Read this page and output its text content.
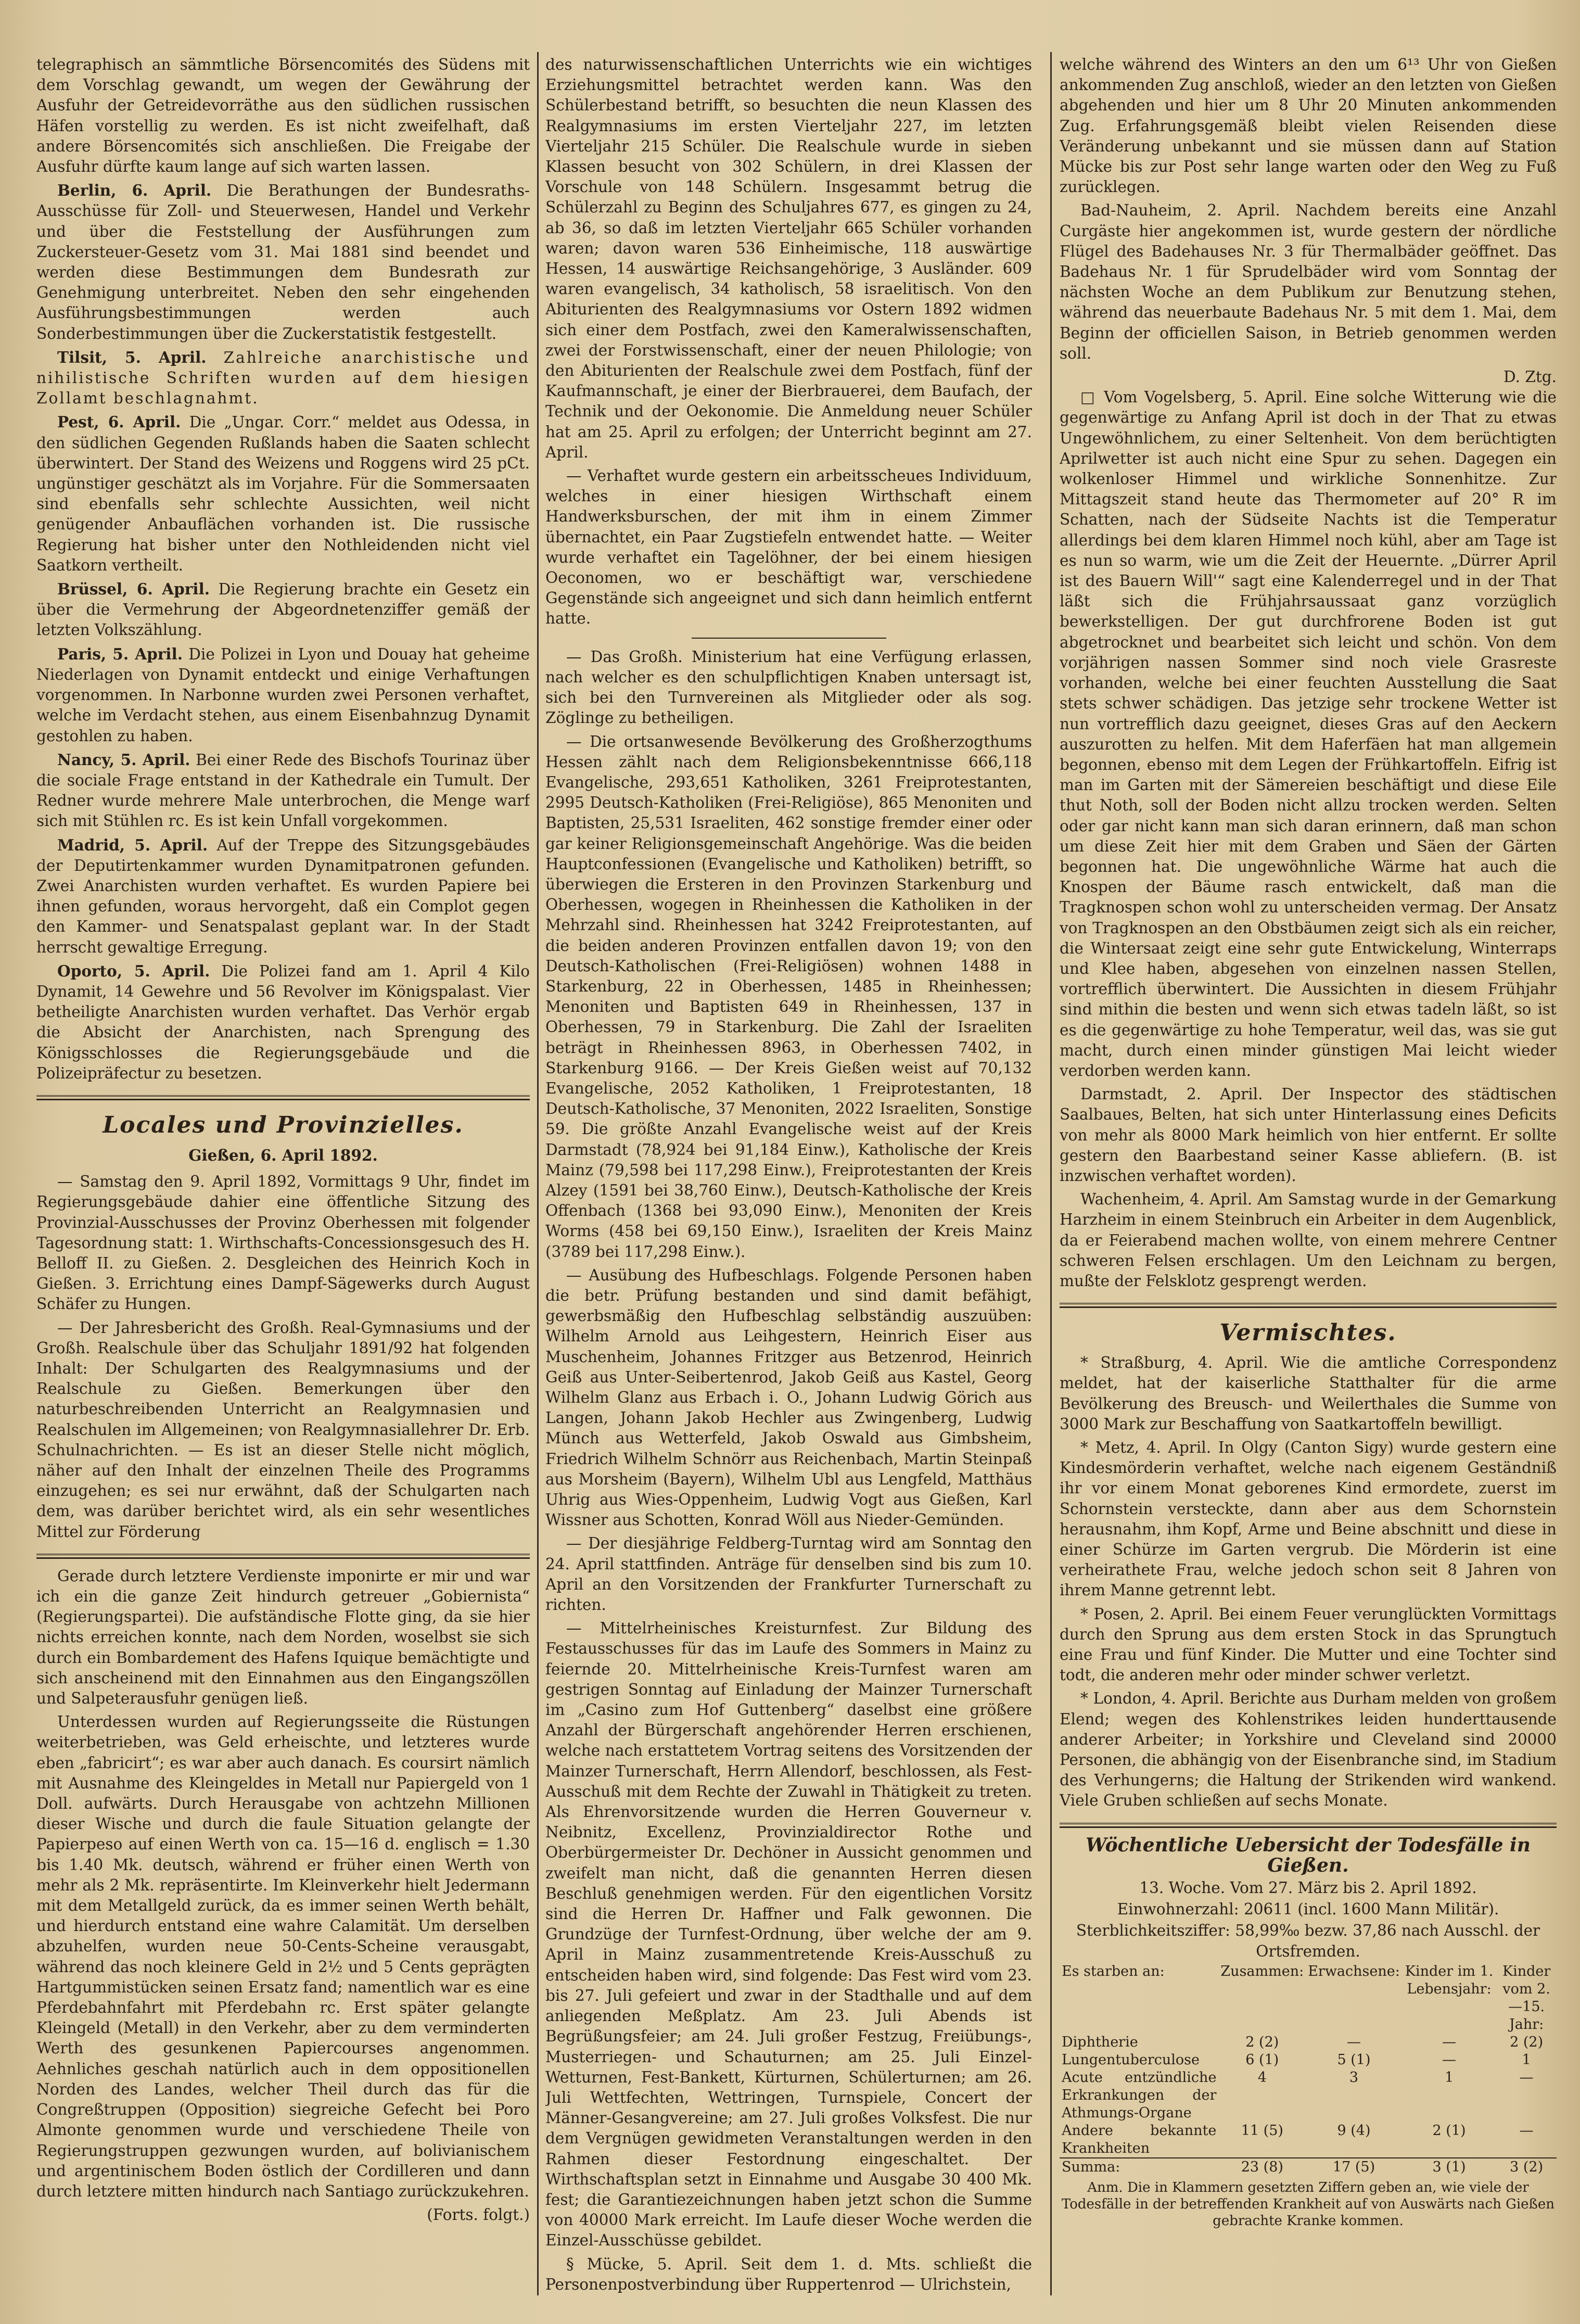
telegraphisch an sämmtliche Börsencomités des Südens mit dem Vorschlag gewandt, um wegen der Gewährung der Ausfuhr der Getreidevorräthe aus den südlichen russischen Häfen vorstellig zu werden. Es ist nicht zweifelhaft, daß andere Börsencomités sich anschließen. Die Freigabe der Ausfuhr dürfte kaum lange auf sich warten lassen.

Berlin, 6. April. Die Berathungen der Bundesraths-Ausschüsse für Zoll- und Steuerwesen, Handel und Verkehr und über die Feststellung der Ausführungen zum Zuckersteuer-Gesetz vom 31. Mai 1881 sind beendet und werden diese Bestimmungen dem Bundesrath zur Genehmigung unterbreitet. Neben den sehr eingehenden Ausführungsbestimmungen werden auch Sonderbestimmungen über die Zuckerstatistik festgestellt.

Tilsit, 5. April. Zahlreiche anarchistische und nihilistische Schriften wurden auf dem hiesigen Zollamt beschlagnahmt.

Pest, 6. April. Die „Ungar. Corr.“ meldet aus Odessa, in den südlichen Gegenden Rußlands haben die Saaten schlecht überwintert. Der Stand des Weizens und Roggens wird 25 pCt. ungünstiger geschätzt als im Vorjahre. Für die Sommersaaten sind ebenfalls sehr schlechte Aussichten, weil nicht genügender Anbauflächen vorhanden ist. Die russische Regierung hat bisher unter den Nothleidenden nicht viel Saatkorn vertheilt.

Brüssel, 6. April. Die Regierung brachte ein Gesetz ein über die Vermehrung der Abgeordnetenziffer gemäß der letzten Volkszählung.

Paris, 5. April. Die Polizei in Lyon und Douay hat geheime Niederlagen von Dynamit entdeckt und einige Verhaftungen vorgenommen. In Narbonne wurden zwei Personen verhaftet, welche im Verdacht stehen, aus einem Eisenbahnzug Dynamit gestohlen zu haben.

Nancy, 5. April. Bei einer Rede des Bischofs Tourinaz über die sociale Frage entstand in der Kathedrale ein Tumult. Der Redner wurde mehrere Male unterbrochen, die Menge warf sich mit Stühlen rc. Es ist kein Unfall vorgekommen.

Madrid, 5. April. Auf der Treppe des Sitzungsgebäudes der Deputirtenkammer wurden Dynamitpatronen gefunden. Zwei Anarchisten wurden verhaftet. Es wurden Papiere bei ihnen gefunden, woraus hervorgeht, daß ein Complot gegen den Kammer- und Senatspalast geplant war. In der Stadt herrscht gewaltige Erregung.

Oporto, 5. April. Die Polizei fand am 1. April 4 Kilo Dynamit, 14 Gewehre und 56 Revolver im Königspalast. Vier betheiligte Anarchisten wurden verhaftet. Das Verhör ergab die Absicht der Anarchisten, nach Sprengung des Königsschlosses die Regierungsgebäude und die Polizeipräfectur zu besetzen.

Locales und Provinzielles.
Gießen, 6. April 1892.

— Samstag den 9. April 1892, Vormittags 9 Uhr, findet im Regierungsgebäude dahier eine öffentliche Sitzung des Provinzial-Ausschusses der Provinz Oberhessen mit folgender Tagesordnung statt: 1. Wirthschafts-Concessionsgesuch des H. Belloff II. zu Gießen. 2. Desgleichen des Heinrich Koch in Gießen. 3. Errichtung eines Dampf-Sägewerks durch August Schäfer zu Hungen.

— Der Jahresbericht des Großh. Real-Gymnasiums und der Großh. Realschule über das Schuljahr 1891/92 hat folgenden Inhalt: Der Schulgarten des Realgymnasiums und der Realschule zu Gießen. Bemerkungen über den naturbeschreibenden Unterricht an Realgymnasien und Realschulen im Allgemeinen; von Realgymnasiallehrer Dr. Erb. Schulnachrichten. — Es ist an dieser Stelle nicht möglich, näher auf den Inhalt der einzelnen Theile des Programms einzugehen; es sei nur erwähnt, daß der Schulgarten nach dem, was darüber berichtet wird, als ein sehr wesentliches Mittel zur Förderung

Gerade durch letztere Verdienste imponirte er mir und war ich ein die ganze Zeit hindurch getreuer „Gobiernista“ (Regierungspartei). Die aufständische Flotte ging, da sie hier nichts erreichen konnte, nach dem Norden, woselbst sie sich durch ein Bombardement des Hafens Iquique bemächtigte und sich anscheinend mit den Einnahmen aus den Eingangszöllen und Salpeterausfuhr genügen ließ.

Unterdessen wurden auf Regierungsseite die Rüstungen weiterbetrieben, was Geld erheischte, und letzteres wurde eben „fabricirt“; es war aber auch danach. Es coursirt nämlich mit Ausnahme des Kleingeldes in Metall nur Papiergeld von 1 Doll. aufwärts. Durch Herausgabe von achtzehn Millionen dieser Wische und durch die faule Situation gelangte der Papierpeso auf einen Werth von ca. 15—16 d. englisch = 1.30 bis 1.40 Mk. deutsch, während er früher einen Werth von mehr als 2 Mk. repräsentirte. Im Kleinverkehr hielt Jedermann mit dem Metallgeld zurück, da es immer seinen Werth behält, und hierdurch entstand eine wahre Calamität. Um derselben abzuhelfen, wurden neue 50-Cents-Scheine verausgabt, während das noch kleinere Geld in 2½ und 5 Cents geprägten Hartgummistücken seinen Ersatz fand; namentlich war es eine Pferdebahnfahrt mit Pferdebahn rc. Erst später gelangte Kleingeld (Metall) in den Verkehr, aber zu dem verminderten Werth des gesunkenen Papiercourses angenommen. Aehnliches geschah natürlich auch in dem oppositionellen Norden des Landes, welcher Theil durch das für die Congreßtruppen (Opposition) siegreiche Gefecht bei Poro Almonte genommen wurde und verschiedene Theile von Regierungstruppen gezwungen wurden, auf bolivianischem und argentinischem Boden östlich der Cordilleren und dann durch letztere mitten hindurch nach Santiago zurückzukehren.

(Forts. folgt.)

des naturwissenschaftlichen Unterrichts wie ein wichtiges Erziehungsmittel betrachtet werden kann. Was den Schülerbestand betrifft, so besuchten die neun Klassen des Realgymnasiums im ersten Vierteljahr 227, im letzten Vierteljahr 215 Schüler. Die Realschule wurde in sieben Klassen besucht von 302 Schülern, in drei Klassen der Vorschule von 148 Schülern. Insgesammt betrug die Schülerzahl zu Beginn des Schuljahres 677, es gingen zu 24, ab 36, so daß im letzten Vierteljahr 665 Schüler vorhanden waren; davon waren 536 Einheimische, 118 auswärtige Hessen, 14 auswärtige Reichsangehörige, 3 Ausländer. 609 waren evangelisch, 34 katholisch, 58 israelitisch. Von den Abiturienten des Realgymnasiums vor Ostern 1892 widmen sich einer dem Postfach, zwei den Kameralwissenschaften, zwei der Forstwissenschaft, einer der neuen Philologie; von den Abiturienten der Realschule zwei dem Postfach, fünf der Kaufmannschaft, je einer der Bierbrauerei, dem Baufach, der Technik und der Oekonomie. Die Anmeldung neuer Schüler hat am 25. April zu erfolgen; der Unterricht beginnt am 27. April.

— Verhaftet wurde gestern ein arbeitsscheues Individuum, welches in einer hiesigen Wirthschaft einem Handwerksburschen, der mit ihm in einem Zimmer übernachtet, ein Paar Zugstiefeln entwendet hatte. — Weiter wurde verhaftet ein Tagelöhner, der bei einem hiesigen Oeconomen, wo er beschäftigt war, verschiedene Gegenstände sich angeeignet und sich dann heimlich entfernt hatte.

— Das Großh. Ministerium hat eine Verfügung erlassen, nach welcher es den schulpflichtigen Knaben untersagt ist, sich bei den Turnvereinen als Mitglieder oder als sog. Zöglinge zu betheiligen.

— Die ortsanwesende Bevölkerung des Großherzogthums Hessen zählt nach dem Religionsbekenntnisse 666,118 Evangelische, 293,651 Katholiken, 3261 Freiprotestanten, 2995 Deutsch-Katholiken (Frei-Religiöse), 865 Menoniten und Baptisten, 25,531 Israeliten, 462 sonstige fremder einer oder gar keiner Religionsgemeinschaft Angehörige. Was die beiden Hauptconfessionen (Evangelische und Katholiken) betrifft, so überwiegen die Ersteren in den Provinzen Starkenburg und Oberhessen, wogegen in Rheinhessen die Katholiken in der Mehrzahl sind. Rheinhessen hat 3242 Freiprotestanten, auf die beiden anderen Provinzen entfallen davon 19; von den Deutsch-Katholischen (Frei-Religiösen) wohnen 1488 in Starkenburg, 22 in Oberhessen, 1485 in Rheinhessen; Menoniten und Baptisten 649 in Rheinhessen, 137 in Oberhessen, 79 in Starkenburg. Die Zahl der Israeliten beträgt in Rheinhessen 8963, in Oberhessen 7402, in Starkenburg 9166. — Der Kreis Gießen weist auf 70,132 Evangelische, 2052 Katholiken, 1 Freiprotestanten, 18 Deutsch-Katholische, 37 Menoniten, 2022 Israeliten, Sonstige 59. Die größte Anzahl Evangelische weist auf der Kreis Darmstadt (78,924 bei 91,184 Einw.), Katholische der Kreis Mainz (79,598 bei 117,298 Einw.), Freiprotestanten der Kreis Alzey (1591 bei 38,760 Einw.), Deutsch-Katholische der Kreis Offenbach (1368 bei 93,090 Einw.), Menoniten der Kreis Worms (458 bei 69,150 Einw.), Israeliten der Kreis Mainz (3789 bei 117,298 Einw.).

— Ausübung des Hufbeschlags. Folgende Personen haben die betr. Prüfung bestanden und sind damit befähigt, gewerbsmäßig den Hufbeschlag selbständig auszuüben: Wilhelm Arnold aus Leihgestern, Heinrich Eiser aus Muschenheim, Johannes Fritzger aus Betzenrod, Heinrich Geiß aus Unter-Seibertenrod, Jakob Geiß aus Kastel, Georg Wilhelm Glanz aus Erbach i. O., Johann Ludwig Görich aus Langen, Johann Jakob Hechler aus Zwingenberg, Ludwig Münch aus Wetterfeld, Jakob Oswald aus Gimbsheim, Friedrich Wilhelm Schnörr aus Reichenbach, Martin Steinpaß aus Morsheim (Bayern), Wilhelm Ubl aus Lengfeld, Matthäus Uhrig aus Wies-Oppenheim, Ludwig Vogt aus Gießen, Karl Wissner aus Schotten, Konrad Wöll aus Nieder-Gemünden.

— Der diesjährige Feldberg-Turntag wird am Sonntag den 24. April stattfinden. Anträge für denselben sind bis zum 10. April an den Vorsitzenden der Frankfurter Turnerschaft zu richten.

— Mittelrheinisches Kreisturnfest. Zur Bildung des Festausschusses für das im Laufe des Sommers in Mainz zu feiernde 20. Mittelrheinische Kreis-Turnfest waren am gestrigen Sonntag auf Einladung der Mainzer Turnerschaft im „Casino zum Hof Guttenberg“ daselbst eine größere Anzahl der Bürgerschaft angehörender Herren erschienen, welche nach erstattetem Vortrag seitens des Vorsitzenden der Mainzer Turnerschaft, Herrn Allendorf, beschlossen, als Fest-Ausschuß mit dem Rechte der Zuwahl in Thätigkeit zu treten. Als Ehrenvorsitzende wurden die Herren Gouverneur v. Neibnitz, Excellenz, Provinzialdirector Rothe und Oberbürgermeister Dr. Dechöner in Aussicht genommen und zweifelt man nicht, daß die genannten Herren diesen Beschluß genehmigen werden. Für den eigentlichen Vorsitz sind die Herren Dr. Haffner und Falk gewonnen. Die Grundzüge der Turnfest-Ordnung, über welche der am 9. April in Mainz zusammentretende Kreis-Ausschuß zu entscheiden haben wird, sind folgende: Das Fest wird vom 23. bis 27. Juli gefeiert und zwar in der Stadthalle und auf dem anliegenden Meßplatz. Am 23. Juli Abends ist Begrüßungsfeier; am 24. Juli großer Festzug, Freiübungs-, Musterriegen- und Schauturnen; am 25. Juli Einzel-Wetturnen, Fest-Bankett, Kürturnen, Schülerturnen; am 26. Juli Wettfechten, Wettringen, Turnspiele, Concert der Männer-Gesangvereine; am 27. Juli großes Volksfest. Die nur dem Vergnügen gewidmeten Veranstaltungen werden in den Rahmen dieser Festordnung eingeschaltet. Der Wirthschaftsplan setzt in Einnahme und Ausgabe 30 400 Mk. fest; die Garantiezeichnungen haben jetzt schon die Summe von 40000 Mark erreicht. Im Laufe dieser Woche werden die Einzel-Ausschüsse gebildet.

§ Mücke, 5. April. Seit dem 1. d. Mts. schließt die Personenpostverbindung über Ruppertenrod — Ulrichstein,

welche während des Winters an den um 6¹³ Uhr von Gießen ankommenden Zug anschloß, wieder an den letzten von Gießen abgehenden und hier um 8 Uhr 20 Minuten ankommenden Zug. Erfahrungsgemäß bleibt vielen Reisenden diese Veränderung unbekannt und sie müssen dann auf Station Mücke bis zur Post sehr lange warten oder den Weg zu Fuß zurücklegen.

Bad-Nauheim, 2. April. Nachdem bereits eine Anzahl Curgäste hier angekommen ist, wurde gestern der nördliche Flügel des Badehauses Nr. 3 für Thermalbäder geöffnet. Das Badehaus Nr. 1 für Sprudelbäder wird vom Sonntag der nächsten Woche an dem Publikum zur Benutzung stehen, während das neuerbaute Badehaus Nr. 5 mit dem 1. Mai, dem Beginn der officiellen Saison, in Betrieb genommen werden soll.

D. Ztg.

□ Vom Vogelsberg, 5. April. Eine solche Witterung wie die gegenwärtige zu Anfang April ist doch in der That zu etwas Ungewöhnlichem, zu einer Seltenheit. Von dem berüchtigten Aprilwetter ist auch nicht eine Spur zu sehen. Dagegen ein wolkenloser Himmel und wirkliche Sonnenhitze. Zur Mittagszeit stand heute das Thermometer auf 20° R im Schatten, nach der Südseite Nachts ist die Temperatur allerdings bei dem klaren Himmel noch kühl, aber am Tage ist es nun so warm, wie um die Zeit der Heuernte. „Dürrer April ist des Bauern Will'“ sagt eine Kalenderregel und in der That läßt sich die Frühjahrsaussaat ganz vorzüglich bewerkstelligen. Der gut durchfrorene Boden ist gut abgetrocknet und bearbeitet sich leicht und schön. Von dem vorjährigen nassen Sommer sind noch viele Grasreste vorhanden, welche bei einer feuchten Ausstellung die Saat stets schwer schädigen. Das jetzige sehr trockene Wetter ist nun vortrefflich dazu geeignet, dieses Gras auf den Aeckern auszurotten zu helfen. Mit dem Haferfäen hat man allgemein begonnen, ebenso mit dem Legen der Frühkartoffeln. Eifrig ist man im Garten mit der Sämereien beschäftigt und diese Eile thut Noth, soll der Boden nicht allzu trocken werden. Selten oder gar nicht kann man sich daran erinnern, daß man schon um diese Zeit hier mit dem Graben und Säen der Gärten begonnen hat. Die ungewöhnliche Wärme hat auch die Knospen der Bäume rasch entwickelt, daß man die Tragknospen schon wohl zu unterscheiden vermag. Der Ansatz von Tragknospen an den Obstbäumen zeigt sich als ein reicher, die Wintersaat zeigt eine sehr gute Entwickelung, Winterraps und Klee haben, abgesehen von einzelnen nassen Stellen, vortrefflich überwintert. Die Aussichten in diesem Frühjahr sind mithin die besten und wenn sich etwas tadeln läßt, so ist es die gegenwärtige zu hohe Temperatur, weil das, was sie gut macht, durch einen minder günstigen Mai leicht wieder verdorben werden kann.

Darmstadt, 2. April. Der Inspector des städtischen Saalbaues, Belten, hat sich unter Hinterlassung eines Deficits von mehr als 8000 Mark heimlich von hier entfernt. Er sollte gestern den Baarbestand seiner Kasse abliefern. (B. ist inzwischen verhaftet worden).

Wachenheim, 4. April. Am Samstag wurde in der Gemarkung Harzheim in einem Steinbruch ein Arbeiter in dem Augenblick, da er Feierabend machen wollte, von einem mehrere Centner schweren Felsen erschlagen. Um den Leichnam zu bergen, mußte der Felsklotz gesprengt werden.

Vermischtes.

* Straßburg, 4. April. Wie die amtliche Correspondenz meldet, hat der kaiserliche Statthalter für die arme Bevölkerung des Breusch- und Weilerthales die Summe von 3000 Mark zur Beschaffung von Saatkartoffeln bewilligt.

* Metz, 4. April. In Olgy (Canton Sigy) wurde gestern eine Kindesmörderin verhaftet, welche nach eigenem Geständniß ihr vor einem Monat geborenes Kind ermordete, zuerst im Schornstein versteckte, dann aber aus dem Schornstein herausnahm, ihm Kopf, Arme und Beine abschnitt und diese in einer Schürze im Garten vergrub. Die Mörderin ist eine verheirathete Frau, welche jedoch schon seit 8 Jahren von ihrem Manne getrennt lebt.

* Posen, 2. April. Bei einem Feuer verunglückten Vormittags durch den Sprung aus dem ersten Stock in das Sprungtuch eine Frau und fünf Kinder. Die Mutter und eine Tochter sind todt, die anderen mehr oder minder schwer verletzt.

* London, 4. April. Berichte aus Durham melden von großem Elend; wegen des Kohlenstrikes leiden hunderttausende anderer Arbeiter; in Yorkshire und Cleveland sind 20000 Personen, die abhängig von der Eisenbranche sind, im Stadium des Verhungerns; die Haltung der Strikenden wird wankend. Viele Gruben schließen auf sechs Monate.

Wöchentliche Uebersicht der Todesfälle in Gießen.
13. Woche. Vom 27. März bis 2. April 1892.
Einwohnerzahl: 20611 (incl. 1600 Mann Militär).
Sterblichkeitsziffer: 58,99‰ bezw. 37,86 nach Ausschl. der Ortsfremden.
Es starben an:	Zusammen:	Erwachsene:	Kinder im 1. Lebensjahr:	Kinder vom 2.—15. Jahr:
Diphtherie	2 (2)	—	—	2 (2)
Lungentuberculose	6 (1)	5 (1)	—	1
Acute entzündliche Erkrankungen der Athmungs-Organe	4	3	1	—
Andere bekannte Krankheiten	11 (5)	9 (4)	2 (1)	—
Summa:	23 (8)	17 (5)	3 (1)	3 (2)
Anm. Die in Klammern gesetzten Ziffern geben an, wie viele der Todesfälle in der betreffenden Krankheit auf von Auswärts nach Gießen gebrachte Kranke kommen.
